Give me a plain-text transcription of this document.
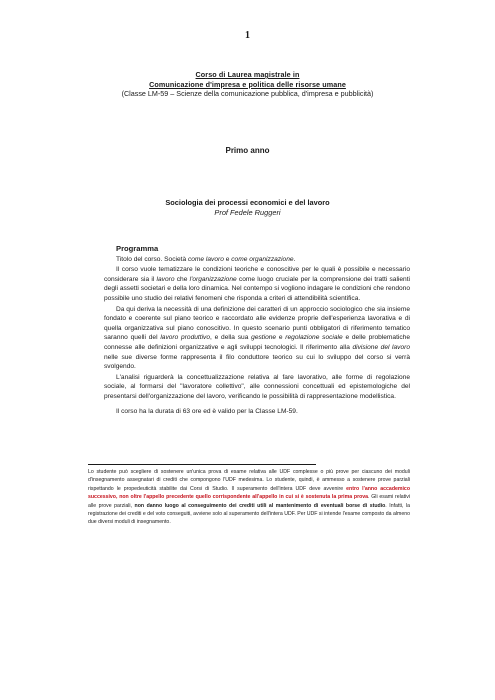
1
Corso di Laurea magistrale in
Comunicazione d'impresa e politica delle risorse umane
(Classe LM-59 – Scienze della comunicazione pubblica, d'impresa e pubblicità)
Primo anno
Sociologia dei processi economici e del lavoro
Prof Fedele Ruggeri
Programma

Titolo del corso. Società come lavoro e come organizzazione.

Il corso vuole tematizzare le condizioni teoriche e conoscitive per le quali è possibile e necessario considerare sia il lavoro che l'organizzazione come luogo cruciale per la comprensione dei tratti salienti degli assetti societari e della loro dinamica. Nel contempo si vogliono indagare le condizioni che rendono possibile uno studio dei relativi fenomeni che risponda a criteri di attendibilità scientifica.

Da qui deriva la necessità di una definizione dei caratteri di un approccio sociologico che sia insieme fondato e coerente sul piano teorico e raccordato alle evidenze proprie dell'esperienza lavorativa e di quella organizzativa sul piano conoscitivo. In questo scenario punti obbligatori di riferimento tematico saranno quelli del lavoro produttivo, e della sua gestione e regolazione sociale e delle problematiche connesse alle definizioni organizzative e agli sviluppi tecnologici. Il riferimento alla divisione del lavoro nelle sue diverse forme rappresenta il filo conduttore teorico su cui lo sviluppo del corso si verrà svolgendo.

L'analisi riguarderà la concettualizzazione relativa al fare lavorativo, alle forme di regolazione sociale, al formarsi del "lavoratore collettivo", alle connessioni concettuali ed epistemologiche del presentarsi dell'organizzazione del lavoro, verificando le possibilità di rappresentazione modellistica.

Il corso ha la durata di 63 ore ed è valido per la Classe LM-59.

Lo studente può scegliere di sostenere un'unica prova di esame relativa alle UDF complesse o più prove per ciascuno dei moduli d'insegnamento assegnatari di crediti che compongono l'UDF medesima. Lo studente, quindi, è ammesso a sostenere prove parziali rispettando le propedeuticità stabilite dai Corsi di Studio. Il superamento dell'intera UDF deve avvenire entro l'anno accademico successivo, non oltre l'appello precedente quello corrispondente all'appello in cui si è sostenuta la prima prova. Gli esami relativi alle prove parziali, non danno luogo al conseguimento dei crediti utili al mantenimento di eventuali borse di studio. Infatti, la registrazione dei crediti e del voto conseguiti, avviene solo al superamento dell'intera UDF. Per UDF si intende l'esame composto da almeno due diversi moduli di insegnamento.
